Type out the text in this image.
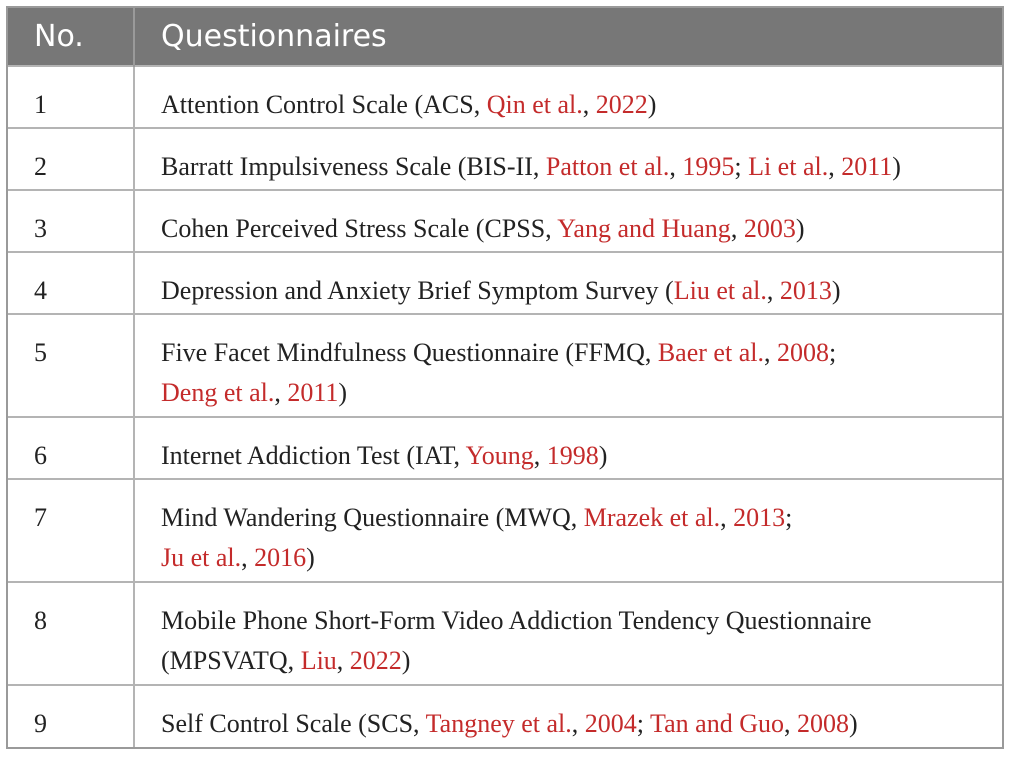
No.	Questionnaires
1	Attention Control Scale (ACS, Qin et al., 2022)

2	Barratt Impulsiveness Scale (BIS-II, Patton et al., 1995; Li et al., 2011)

3	Cohen Perceived Stress Scale (CPSS, Yang and Huang, 2003)

4	Depression and Anxiety Brief Symptom Survey (Liu et al., 2013)

5	Five Facet Mindfulness Questionnaire (FFMQ, Baer et al., 2008;
Deng et al., 2011)

6	Internet Addiction Test (IAT, Young, 1998)

7	Mind Wandering Questionnaire (MWQ, Mrazek et al., 2013;
Ju et al., 2016)

8	Mobile Phone Short-Form Video Addiction Tendency Questionnaire
(MPSVATQ, Liu, 2022)

9	Self Control Scale (SCS, Tangney et al., 2004; Tan and Guo, 2008)
